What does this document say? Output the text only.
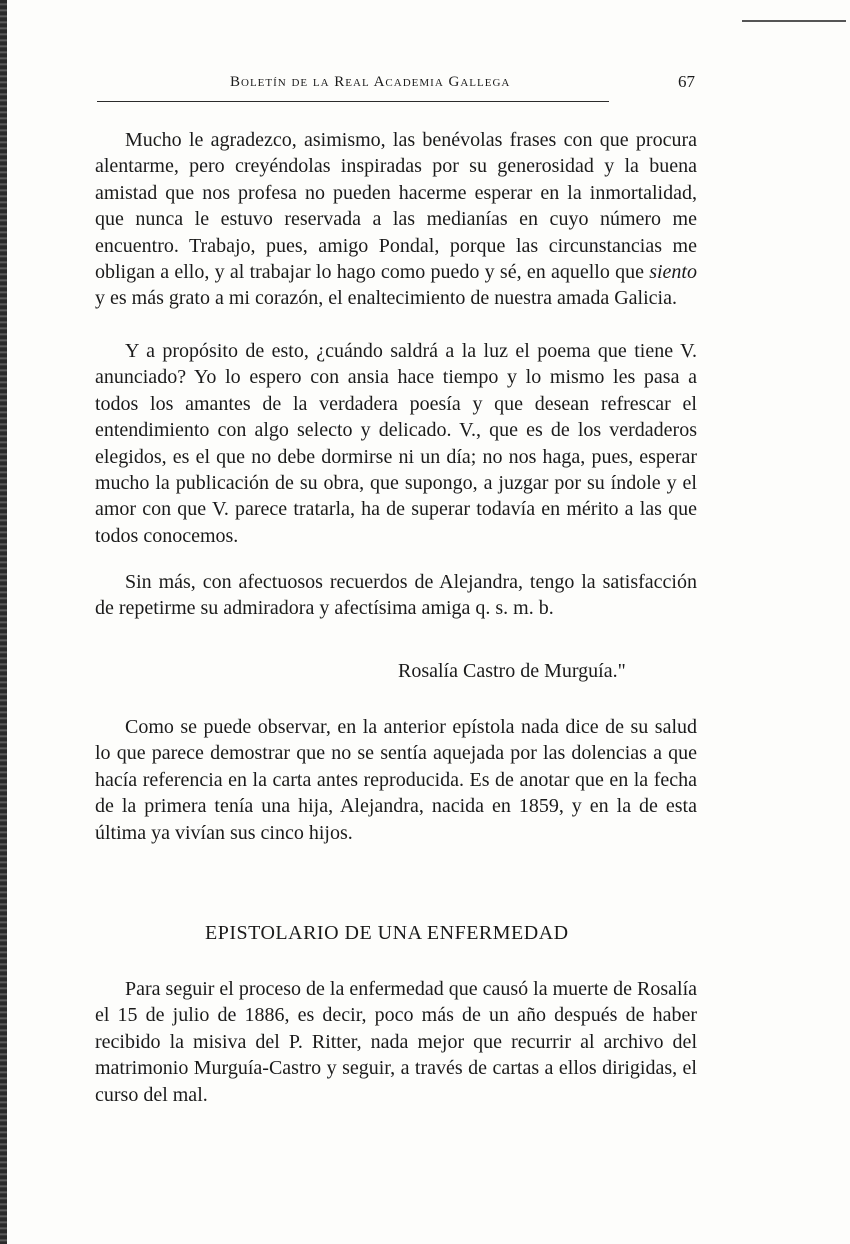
Boletín de la Real Academia Gallega	67

Mucho le agradezco, asimismo, las benévolas frases con que procura alentarme, pero creyéndolas inspiradas por su generosidad y la buena amistad que nos profesa no pueden hacerme esperar en la inmortalidad, que nunca le estuvo reservada a las medianías en cuyo número me encuentro. Trabajo, pues, amigo Pondal, porque las circunstancias me obligan a ello, y al trabajar lo hago como puedo y sé, en aquello que siento y es más grato a mi corazón, el enaltecimiento de nuestra amada Galicia.

Y a propósito de esto, ¿cuándo saldrá a la luz el poema que tiene V. anunciado? Yo lo espero con ansia hace tiempo y lo mismo les pasa a todos los amantes de la verdadera poesía y que desean refrescar el entendimiento con algo selecto y delicado. V., que es de los verdaderos elegidos, es el que no debe dormirse ni un día; no nos haga, pues, esperar mucho la publicación de su obra, que supongo, a juzgar por su índole y el amor con que V. parece tratarla, ha de superar todavía en mérito a las que todos conocemos.

Sin más, con afectuosos recuerdos de Alejandra, tengo la satisfacción de repetirme su admiradora y afectísima amiga q. s. m. b.

Rosalía Castro de Murguía."

Como se puede observar, en la anterior epístola nada dice de su salud lo que parece demostrar que no se sentía aquejada por las dolencias a que hacía referencia en la carta antes reproducida. Es de anotar que en la fecha de la primera tenía una hija, Alejandra, nacida en 1859, y en la de esta última ya vivían sus cinco hijos.

EPISTOLARIO DE UNA ENFERMEDAD

Para seguir el proceso de la enfermedad que causó la muerte de Rosalía el 15 de julio de 1886, es decir, poco más de un año después de haber recibido la misiva del P. Ritter, nada mejor que recurrir al archivo del matrimonio Murguía-Castro y seguir, a través de cartas a ellos dirigidas, el curso del mal.
